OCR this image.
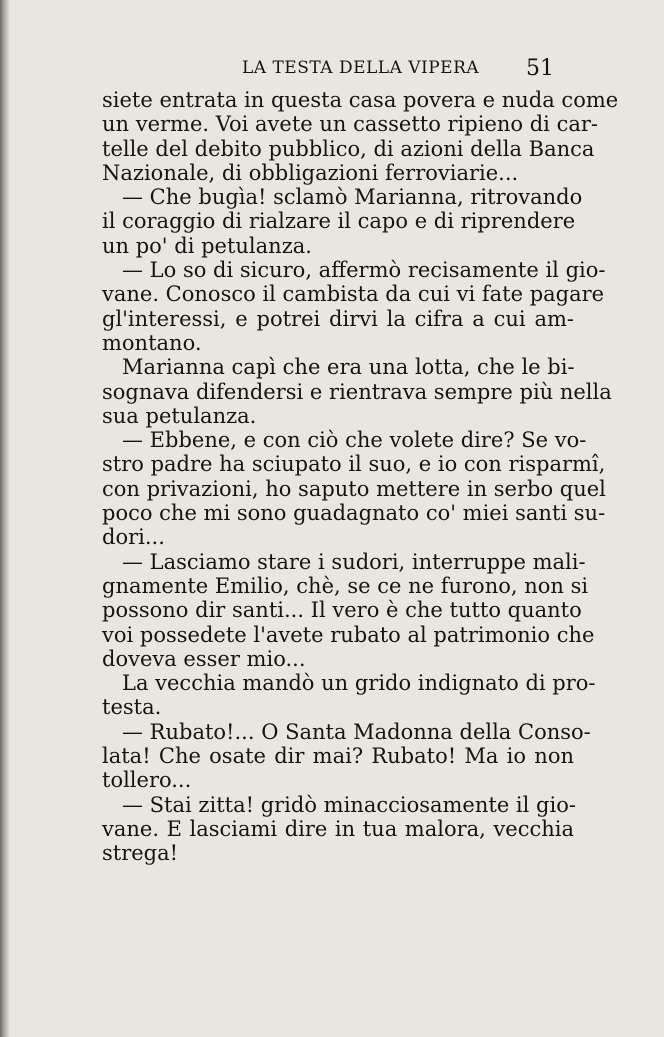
LA TESTA DELLA VIPERA 51
siete entrata in questa casa povera e nuda come
un verme. Voi avete un cassetto ripieno di car-
telle del debito pubblico, di azioni della Banca
Nazionale, di obbligazioni ferroviarie...
— Che bugìa! sclamò Marianna, ritrovando
il coraggio di rialzare il capo e di riprendere
un po' di petulanza.
— Lo so di sicuro, affermò recisamente il gio-
vane. Conosco il cambista da cui vi fate pagare
gl'interessi, e potrei dirvi la cifra a cui am-
montano.
Marianna capì che era una lotta, che le bi-
sognava difendersi e rientrava sempre più nella
sua petulanza.
— Ebbene, e con ciò che volete dire? Se vo-
stro padre ha sciupato il suo, e io con risparmî,
con privazioni, ho saputo mettere in serbo quel
poco che mi sono guadagnato co' miei santi su-
dori...
— Lasciamo stare i sudori, interruppe mali-
gnamente Emilio, chè, se ce ne furono, non si
possono dir santi... Il vero è che tutto quanto
voi possedete l'avete rubato al patrimonio che
doveva esser mio...
La vecchia mandò un grido indignato di pro-
testa.
— Rubato!... O Santa Madonna della Conso-
lata! Che osate dir mai? Rubato! Ma io non
tollero...
— Stai zitta! gridò minacciosamente il gio-
vane. E lasciami dire in tua malora, vecchia
strega!
